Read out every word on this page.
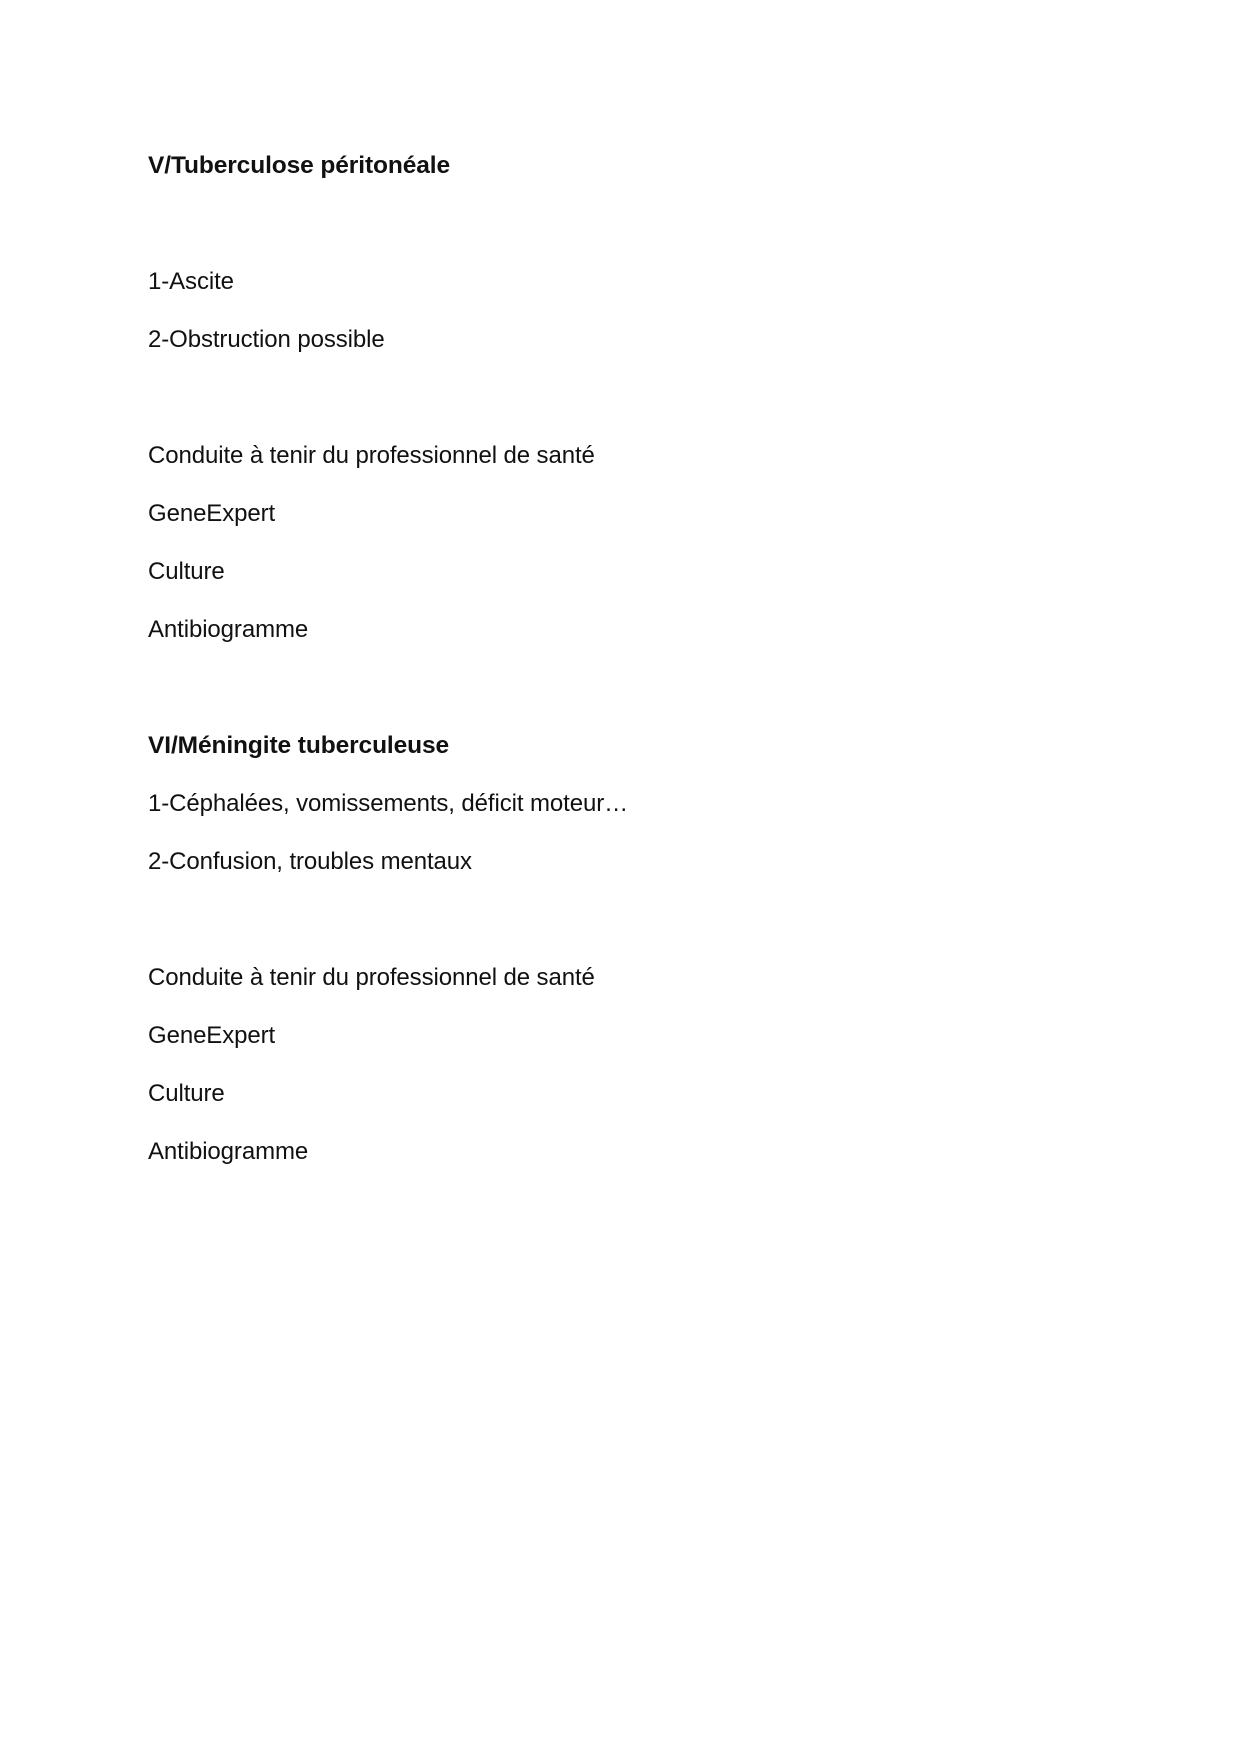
V/Tuberculose péritonéale
1-Ascite
2-Obstruction possible
Conduite à tenir du professionnel de santé
GeneExpert
Culture
Antibiogramme
VI/Méningite tuberculeuse
1-Céphalées, vomissements, déficit moteur…
2-Confusion, troubles mentaux
Conduite à tenir du professionnel de santé
GeneExpert
Culture
Antibiogramme
